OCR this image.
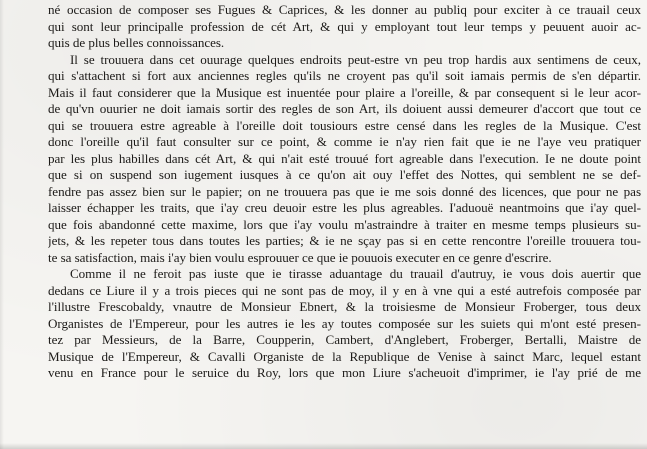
né occasion de composer ses Fugues & Caprices, & les donner au publiq pour exciter à ce trauail ceux
qui sont leur principalle profession de cét Art, & qui y employant tout leur temps y peuuent auoir ac-
quis de plus belles connoissances.
Il se trouuera dans cet ouurage quelques endroits peut-estre vn peu trop hardis aux sentimens de ceux,
qui s'attachent si fort aux anciennes regles qu'ils ne croyent pas qu'il soit iamais permis de s'en départir.
Mais il faut considerer que la Musique est inuentée pour plaire a l'oreille, & par consequent si le leur acor-
de qu'vn ouurier ne doit iamais sortir des regles de son Art, ils doiuent aussi demeurer d'accort que tout ce
qui se trouuera estre agreable à l'oreille doit tousiours estre censé dans les regles de la Musique. C'est
donc l'oreille qu'il faut consulter sur ce point, & comme ie n'ay rien fait que ie ne l'aye veu pratiquer
par les plus habilles dans cét Art, & qui n'ait esté trouué fort agreable dans l'execution. Ie ne doute point
que si on suspend son iugement iusques à ce qu'on ait ouy l'effet des Nottes, qui semblent ne se def-
fendre pas assez bien sur le papier; on ne trouuera pas que ie me sois donné des licences, que pour ne pas
laisser échapper les traits, que i'ay creu deuoir estre les plus agreables. I'aduouë neantmoins que i'ay quel-
que fois abandonné cette maxime, lors que i'ay voulu m'astraindre à traiter en mesme temps plusieurs su-
jets, & les repeter tous dans toutes les parties; & ie ne sçay pas si en cette rencontre l'oreille trouuera tou-
te sa satisfaction, mais i'ay bien voulu esprouuer ce que ie pouuois executer en ce genre d'escrire.
Comme il ne feroit pas iuste que ie tirasse aduantage du trauail d'autruy, ie vous dois auertir que
dedans ce Liure il y a trois pieces qui ne sont pas de moy, il y en à vne qui a esté autrefois composée par
l'illustre Frescobaldy, vnautre de Monsieur Ebnert, & la troisiesme de Monsieur Froberger, tous deux
Organistes de l'Empereur, pour les autres ie les ay toutes composée sur les suiets qui m'ont esté presen-
tez par Messieurs, de la Barre, Coupperin, Cambert, d'Anglebert, Froberger, Bertalli, Maistre de
Musique de l'Empereur, & Cavalli Organiste de la Republique de Venise à sainct Marc, lequel estant
venu en France pour le seruice du Roy, lors que mon Liure s'acheuoit d'imprimer, ie l'ay prié de me
